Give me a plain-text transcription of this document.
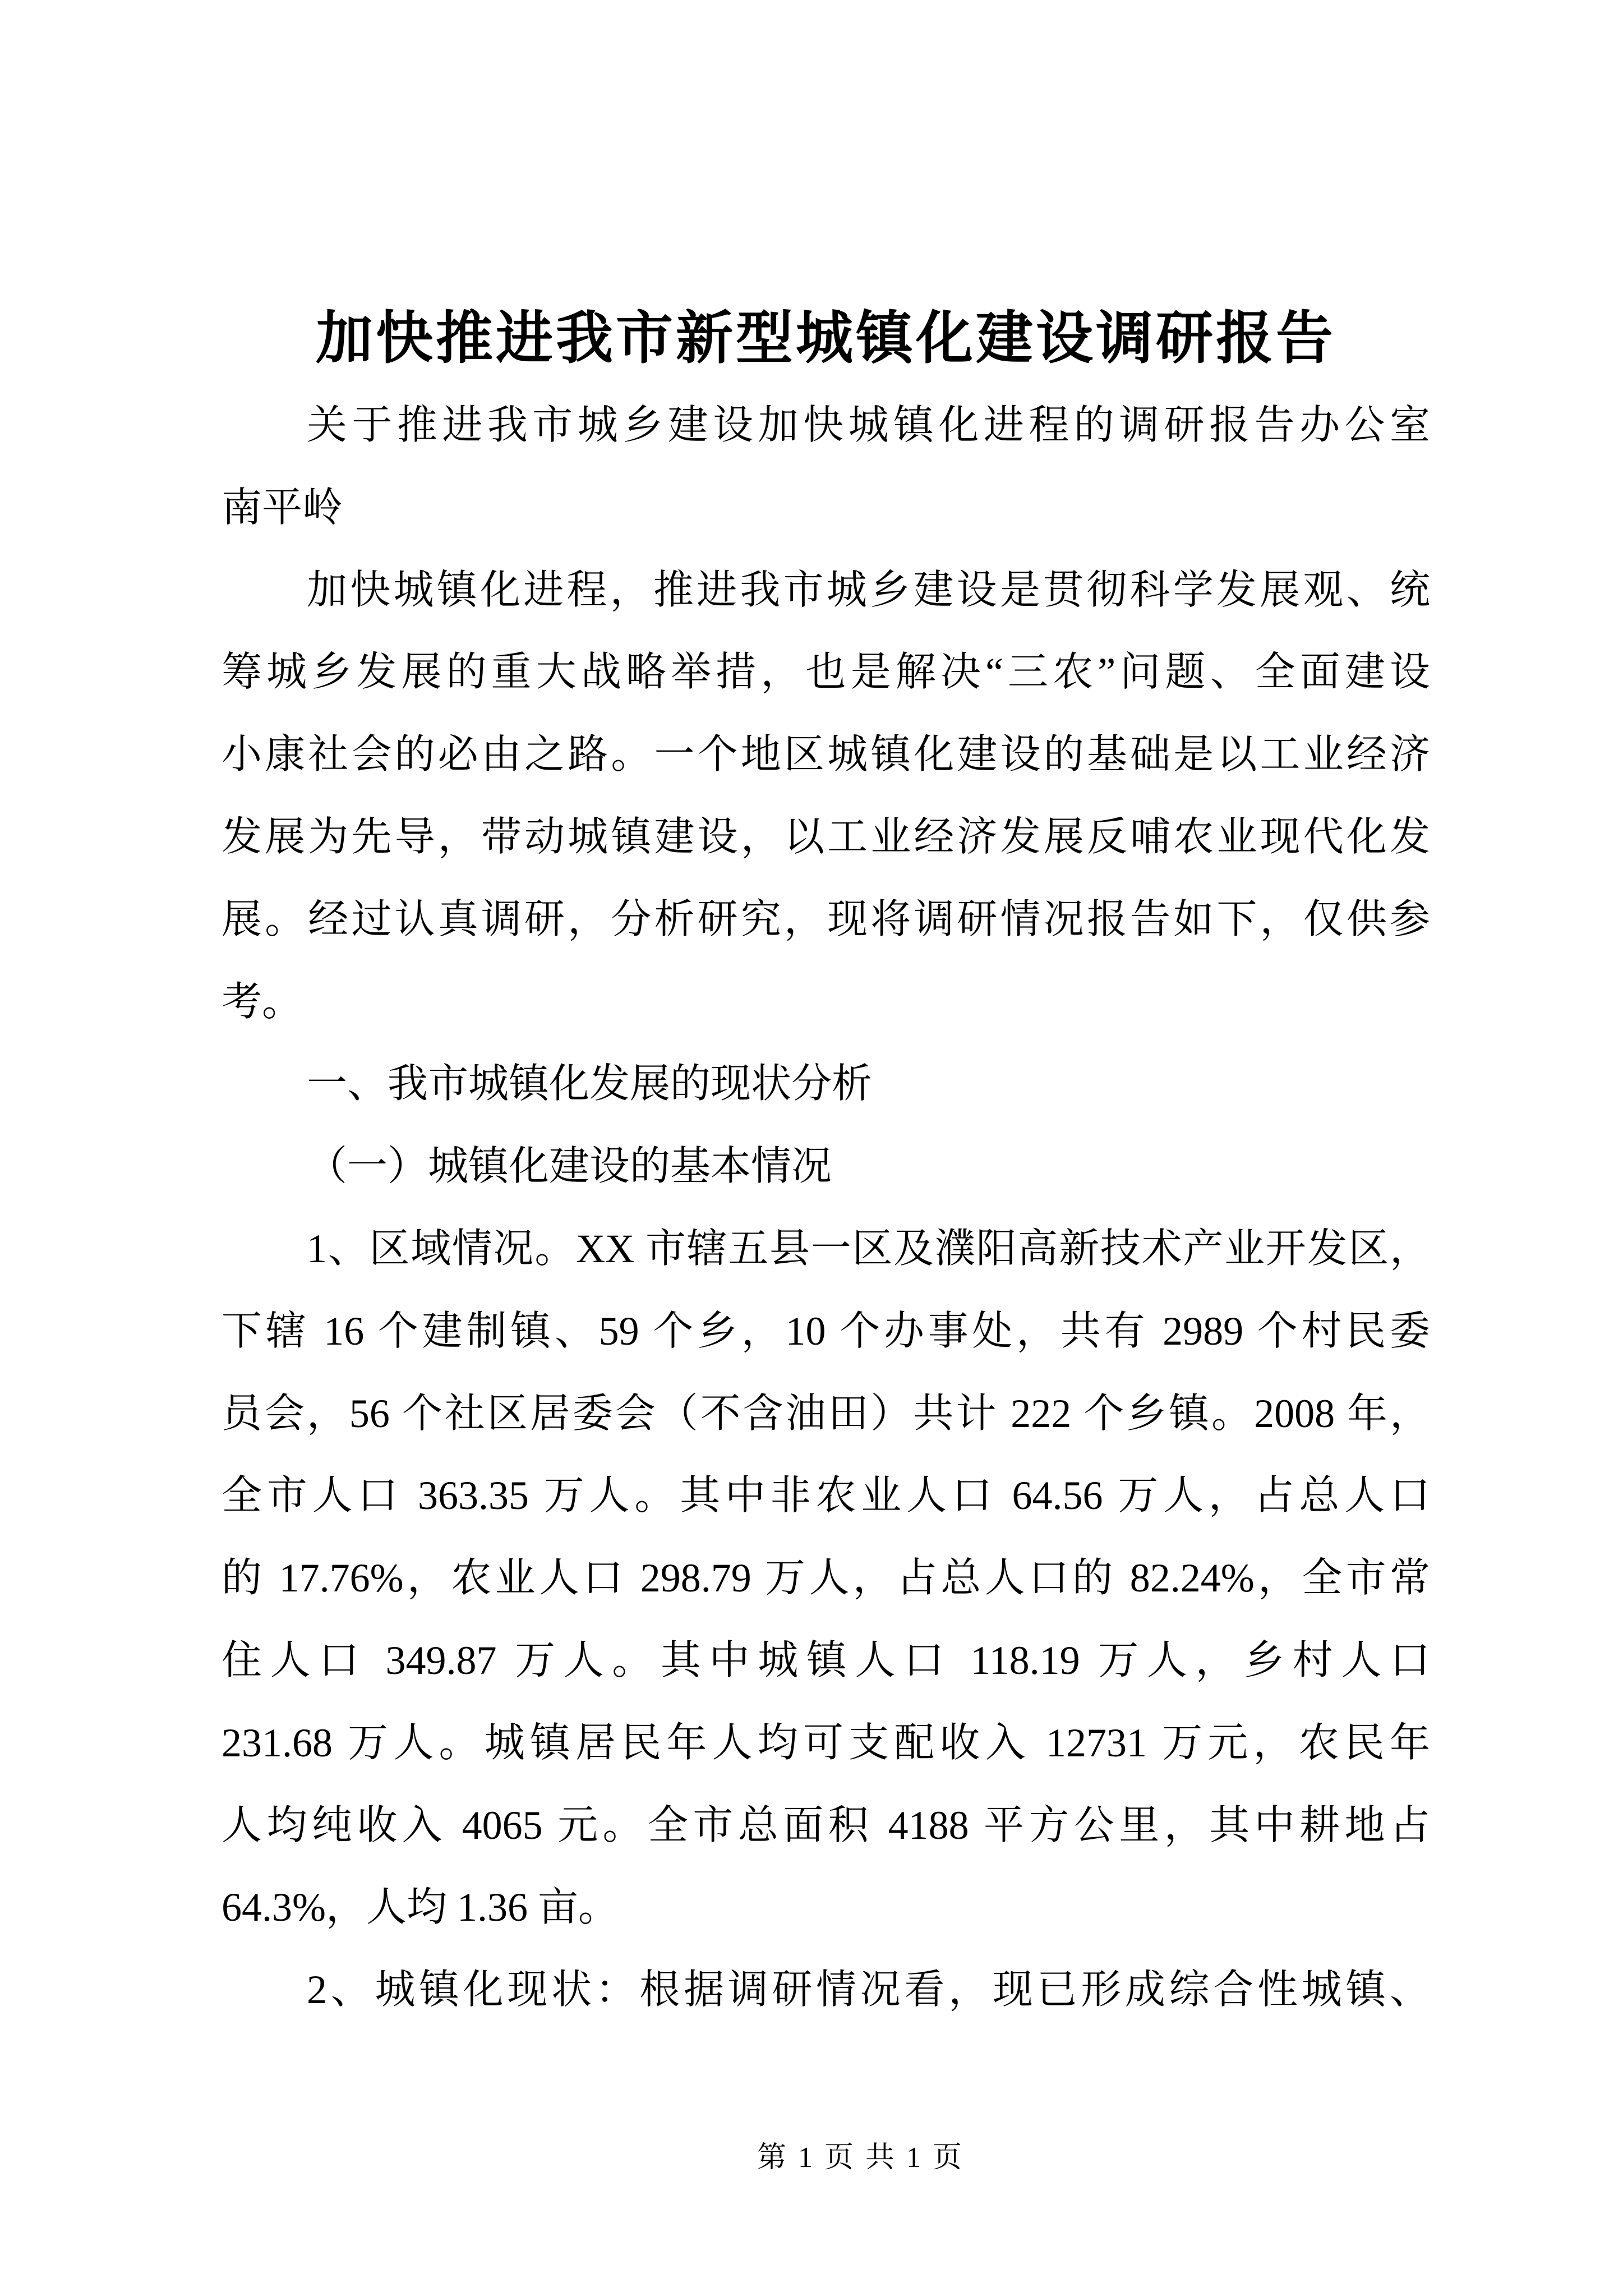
加快推进我市新型城镇化建设调研报告
关于推进我市城乡建设加快城镇化进程的调研报告办公室
南平岭
加快城镇化进程，推进我市城乡建设是贯彻科学发展观、统
筹城乡发展的重大战略举措，也是解决“三农”问题、全面建设
小康社会的必由之路。一个地区城镇化建设的基础是以工业经济
发展为先导，带动城镇建设，以工业经济发展反哺农业现代化发
展。经过认真调研，分析研究，现将调研情况报告如下，仅供参
考。
一、我市城镇化发展的现状分析
（一）城镇化建设的基本情况
1、区域情况。XX 市辖五县一区及濮阳高新技术产业开发区，
下辖 16 个建制镇、59 个乡，10 个办事处，共有 2989 个村民委
员会，56 个社区居委会（不含油田）共计 222 个乡镇。2008 年，
全市人口 363.35 万人。其中非农业人口 64.56 万人，占总人口
的 17.76%，农业人口 298.79 万人，占总人口的 82.24%，全市常
住人口 349.87 万人。其中城镇人口 118.19 万人，乡村人口
231.68 万人。城镇居民年人均可支配收入 12731 万元，农民年
人均纯收入 4065 元。全市总面积 4188 平方公里，其中耕地占
64.3%，人均 1.36 亩。
2、城镇化现状：根据调研情况看，现已形成综合性城镇、
第 1 页 共 1 页
